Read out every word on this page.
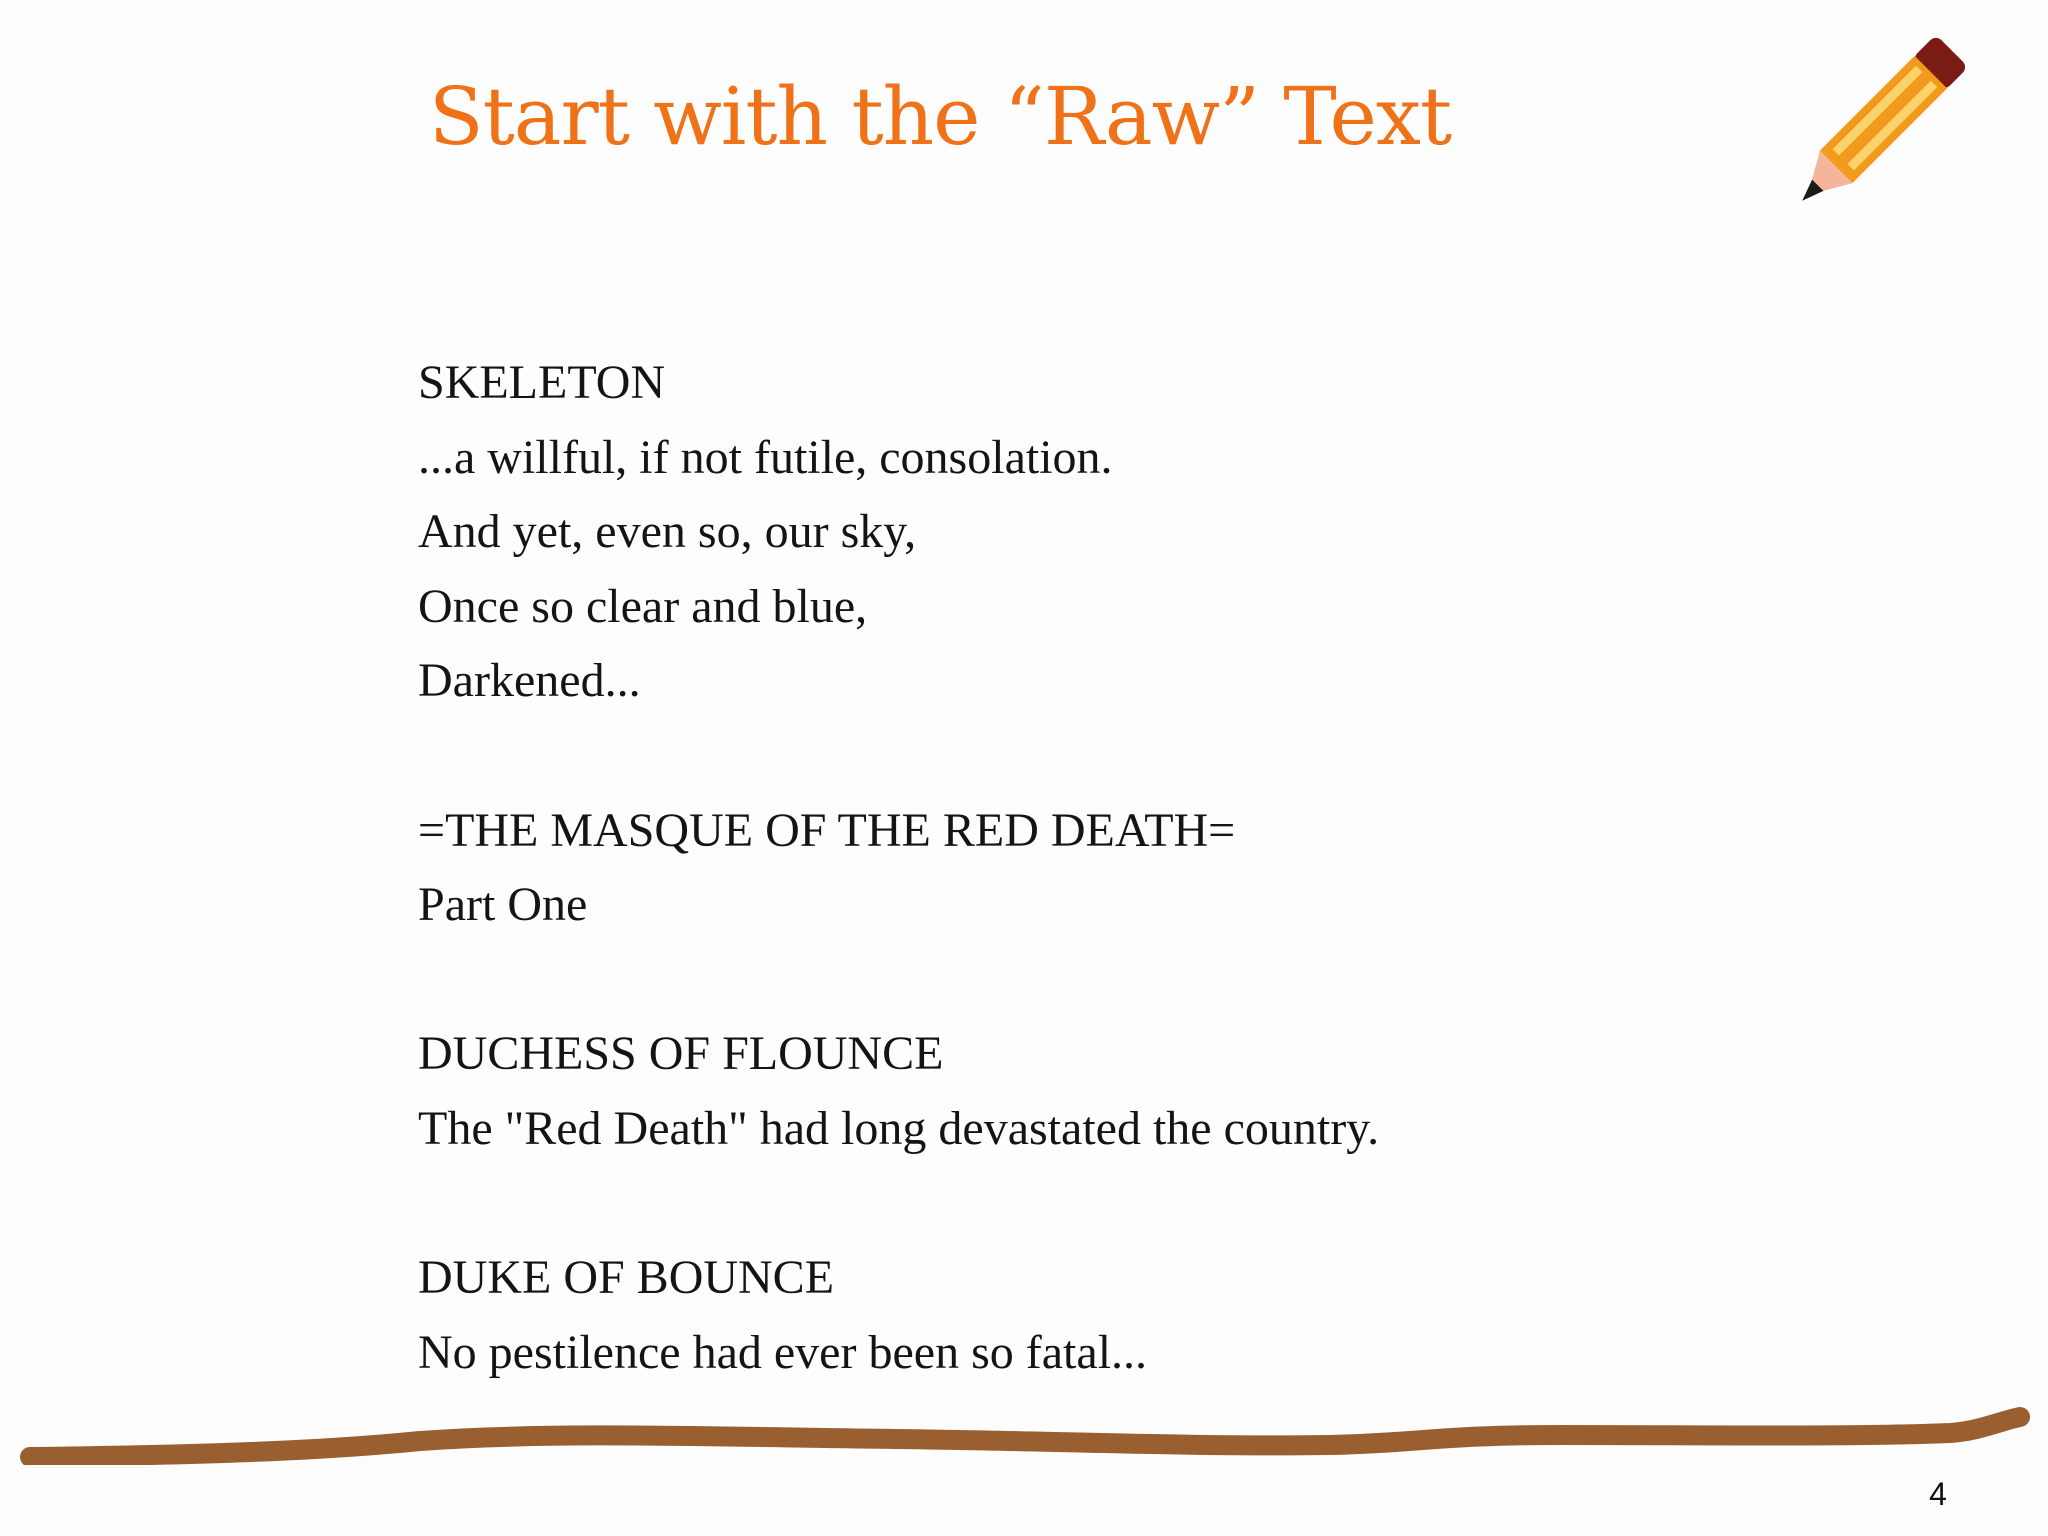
Start with the “Raw” Text
SKELETON
...a willful, if not futile, consolation.
And yet, even so, our sky,
Once so clear and blue,
Darkened...
=THE MASQUE OF THE RED DEATH=
Part One
DUCHESS OF FLOUNCE
The "Red Death" had long devastated the country.
DUKE OF BOUNCE
No pestilence had ever been so fatal...
4
